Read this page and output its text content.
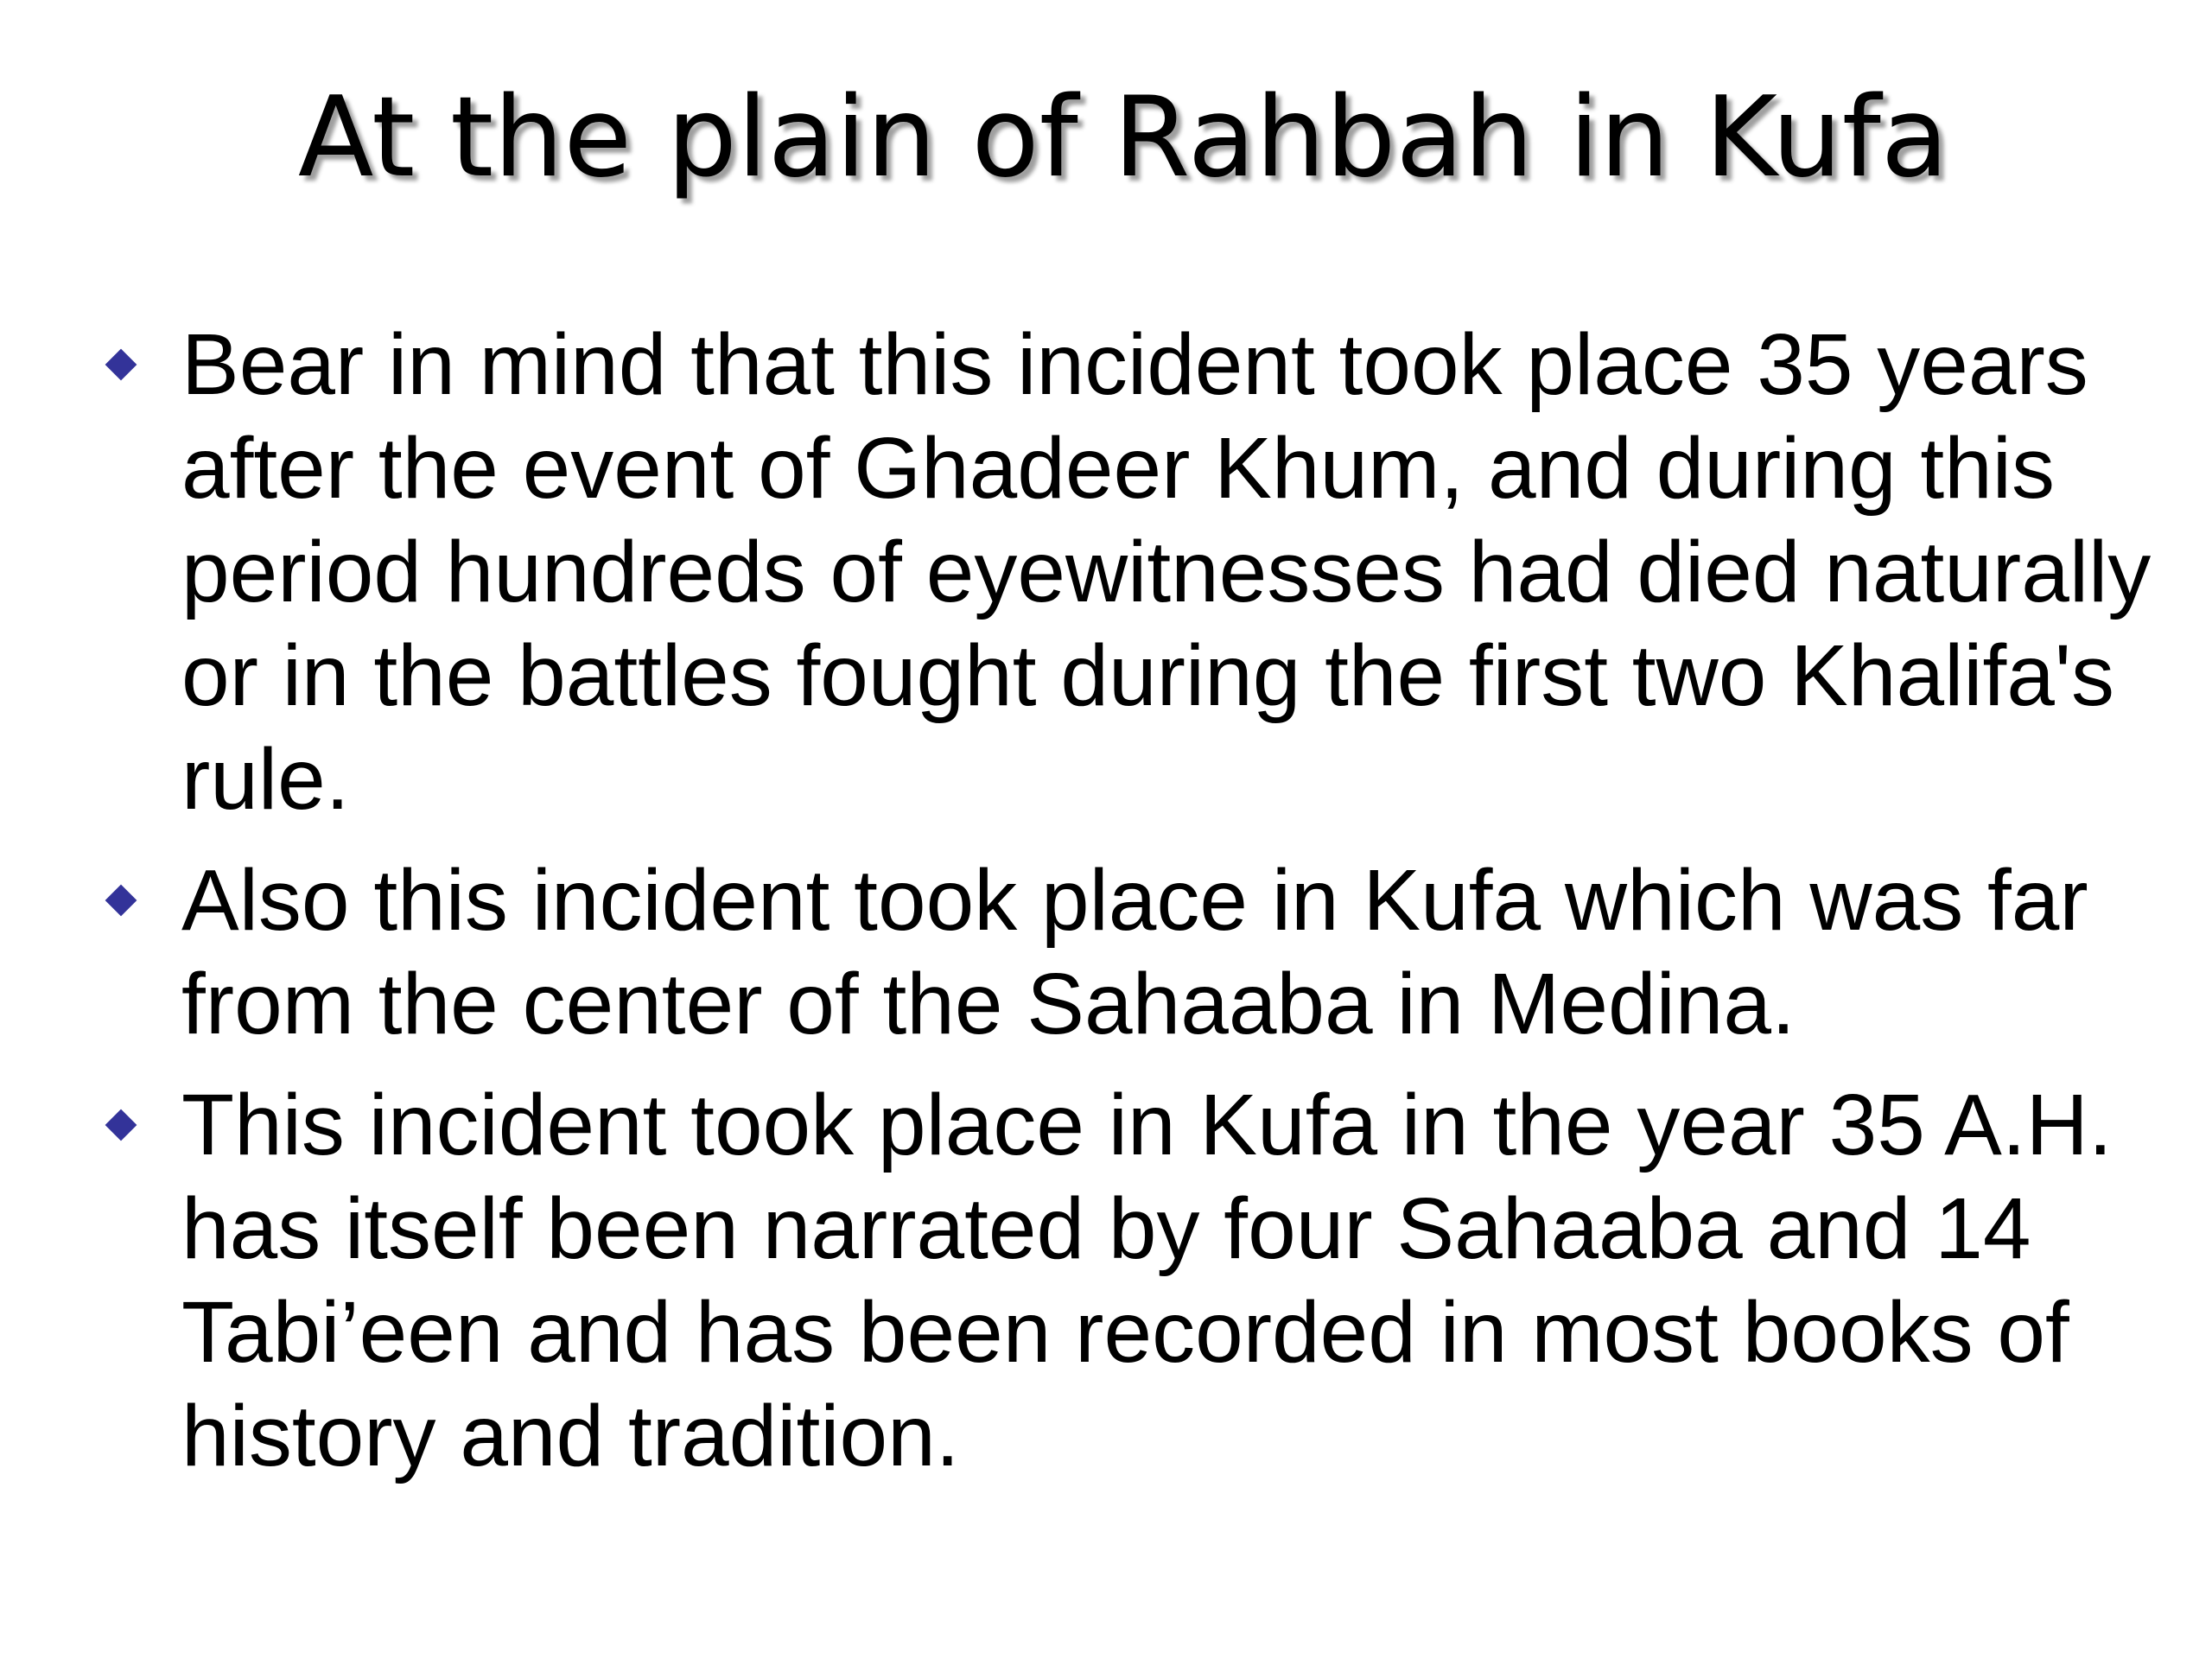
At the plain of Rahbah in Kufa
Bear in mind that this incident took place 35 years
after the event of Ghadeer Khum, and during this
period hundreds of eyewitnesses had died naturally
or in the battles fought during the first two Khalifa's
rule.
Also this incident took place in Kufa which was far
from the center of the Sahaaba in Medina.
This incident took place in Kufa in the year 35 A.H.
has itself been narrated by four Sahaaba and 14
Tabi’een and has been recorded in most books of
history and tradition.
